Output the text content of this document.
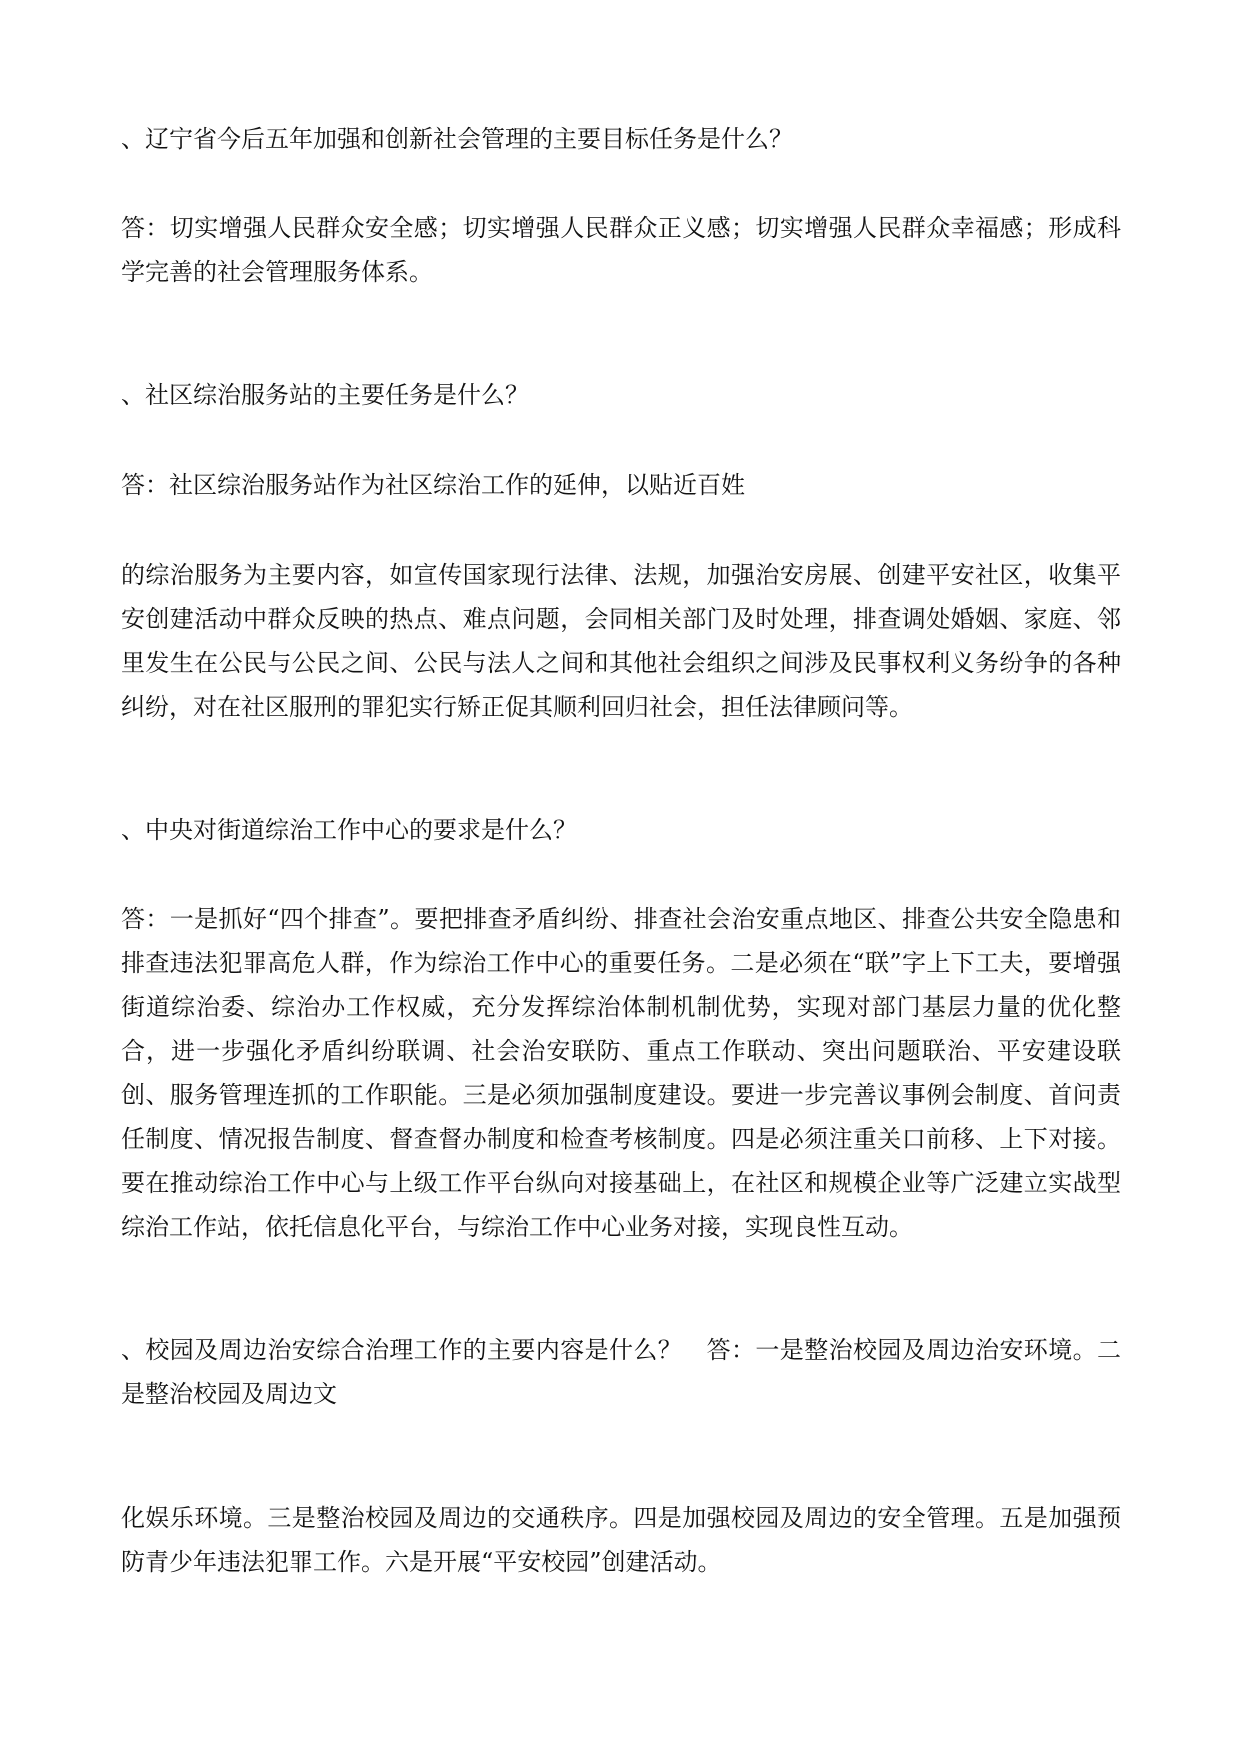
、辽宁省今后五年加强和创新社会管理的主要目标任务是什么？

答：切实增强人民群众安全感；切实增强人民群众正义感；切实增强人民群众幸福感；形成科学完善的社会管理服务体系。

、社区综治服务站的主要任务是什么？

答：社区综治服务站作为社区综治工作的延伸，以贴近百姓

的综治服务为主要内容，如宣传国家现行法律、法规，加强治安房展、创建平安社区，收集平安创建活动中群众反映的热点、难点问题，会同相关部门及时处理，排查调处婚姻、家庭、邻里发生在公民与公民之间、公民与法人之间和其他社会组织之间涉及民事权利义务纷争的各种纠纷，对在社区服刑的罪犯实行矫正促其顺利回归社会，担任法律顾问等。

、中央对街道综治工作中心的要求是什么？

答：一是抓好“四个排查”。要把排查矛盾纠纷、排查社会治安重点地区、排查公共安全隐患和排查违法犯罪高危人群，作为综治工作中心的重要任务。二是必须在“联”字上下工夫，要增强街道综治委、综治办工作权威，充分发挥综治体制机制优势，实现对部门基层力量的优化整合，进一步强化矛盾纠纷联调、社会治安联防、重点工作联动、突出问题联治、平安建设联创、服务管理连抓的工作职能。三是必须加强制度建设。要进一步完善议事例会制度、首问责任制度、情况报告制度、督查督办制度和检查考核制度。四是必须注重关口前移、上下对接。要在推动综治工作中心与上级工作平台纵向对接基础上，在社区和规模企业等广泛建立实战型综治工作站，依托信息化平台，与综治工作中心业务对接，实现良性互动。

、校园及周边治安综合治理工作的主要内容是什么？　答：一是整治校园及周边治安环境。二是整治校园及周边文

化娱乐环境。三是整治校园及周边的交通秩序。四是加强校园及周边的安全管理。五是加强预防青少年违法犯罪工作。六是开展“平安校园”创建活动。
